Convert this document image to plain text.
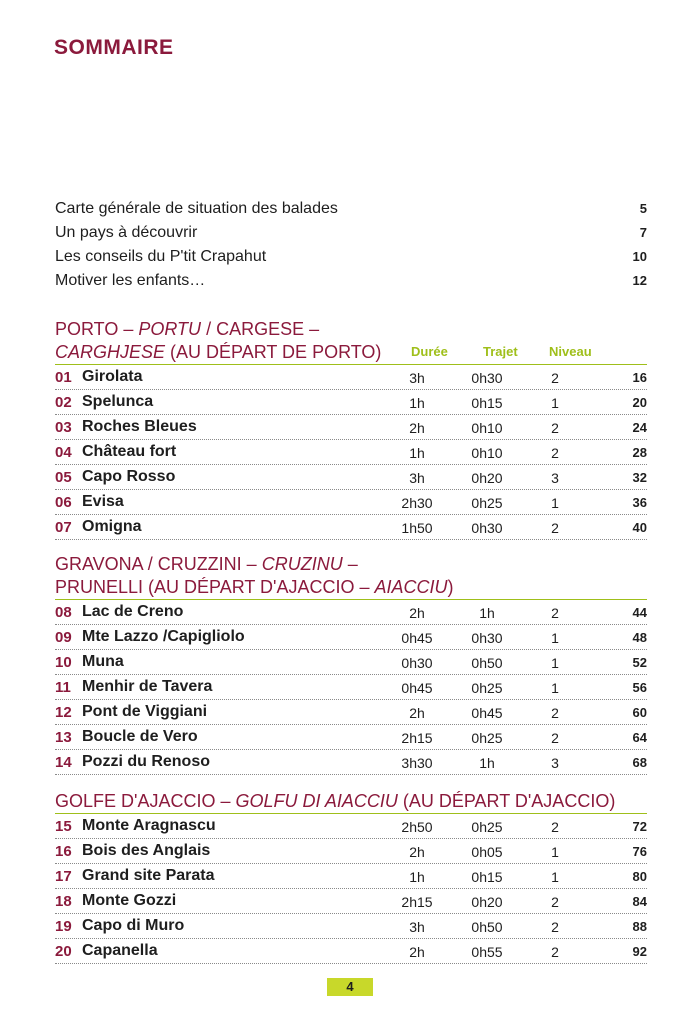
SOMMAIRE
Carte générale de situation des balades	5
Un pays à découvrir	7
Les conseils du P'tit Crapahut	10
Motiver les enfants…	12
PORTO – PORTU / CARGESE –
CARGHJESE (AU DÉPART DE PORTO)	Durée	Trajet Niveau
01 Girolata	3h	0h30	2	16
02 Spelunca	1h	0h15	1	20
03 Roches Bleues	2h	0h10	2	24
04 Château fort	1h	0h10	2	28
05 Capo Rosso	3h	0h20	3	32
06 Evisa	2h30	0h25	1	36
07 Omigna	1h50	0h30	2	40
GRAVONA / CRUZZINI – CRUZINU –
PRUNELLI (AU DÉPART D'AJACCIO – AIACCIU)
08 Lac de Creno	2h	1h	2	44
09 Mte Lazzo /Capigliolo	0h45	0h30	1	48
10 Muna	0h30	0h50	1	52
11 Menhir de Tavera	0h45	0h25	1	56
12 Pont de Viggiani	2h	0h45	2	60
13 Boucle de Vero	2h15	0h25	2	64
14 Pozzi du Renoso	3h30	1h	3	68
GOLFE D'AJACCIO – GOLFU DI AIACCIU (AU DÉPART D'AJACCIO)
15 Monte Aragnascu	2h50	0h25	2	72
16 Bois des Anglais	2h	0h05	1	76
17 Grand site Parata	1h	0h15	1	80
18 Monte Gozzi	2h15	0h20	2	84
19 Capo di Muro	3h	0h50	2	88
20 Capanella	2h	0h55	2	92
4
